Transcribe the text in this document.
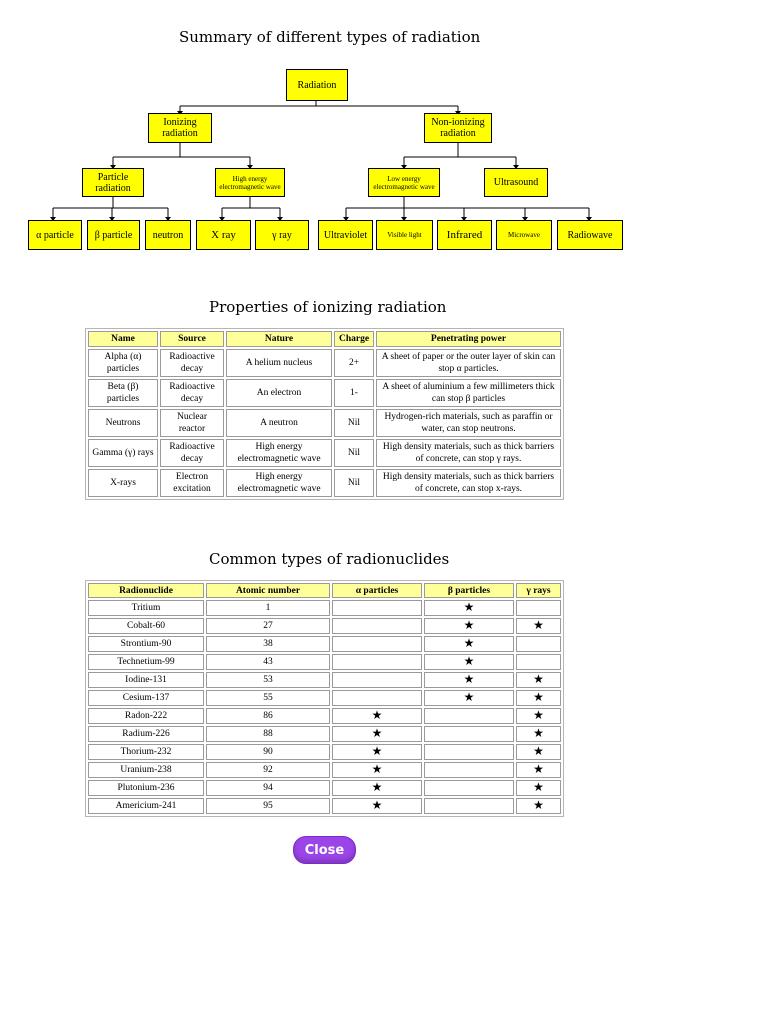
Summary of different types of radiation
Radiation
Ionizing radiation
Non-ionizing radiation
Particle radiation
High energy electromagnetic wave
Low energy electromagnetic wave	Ultrasound
α particle	β particle	neutron	X ray	γ ray	Ultraviolet	Visible light	Infrared	Microwave	Radiowave
Properties of ionizing radiation
Name	Source	Nature	Charge	Penetrating power
Alpha (α) particles	Radioactive decay	A helium nucleus	2+	A sheet of paper or the outer layer of skin can stop α particles.
Beta (β) particles	Radioactive decay	An electron	1-	A sheet of aluminium a few millimeters thick can stop β particles
Neutrons	Nuclear reactor	A neutron	Nil	Hydrogen-rich materials, such as paraffin or water, can stop neutrons.
Gamma (γ) rays	Radioactive decay	High energy electromagnetic wave	Nil	High density materials, such as thick barriers of concrete, can stop γ rays.
X-rays	Electron excitation	High energy electromagnetic wave	Nil	High density materials, such as thick barriers of concrete, can stop x-rays.
Common types of radionuclides
Radionuclide	Atomic number	α particles	β particles	γ rays
Tritium	1		★	
Cobalt-60	27		★	★
Strontium-90	38		★	
Technetium-99	43		★	
Iodine-131	53		★	★
Cesium-137	55		★	★
Radon-222	86	★		★
Radium-226	88	★		★
Thorium-232	90	★		★
Uranium-238	92	★		★
Plutonium-236	94	★		★
Americium-241	95	★		★
Close
